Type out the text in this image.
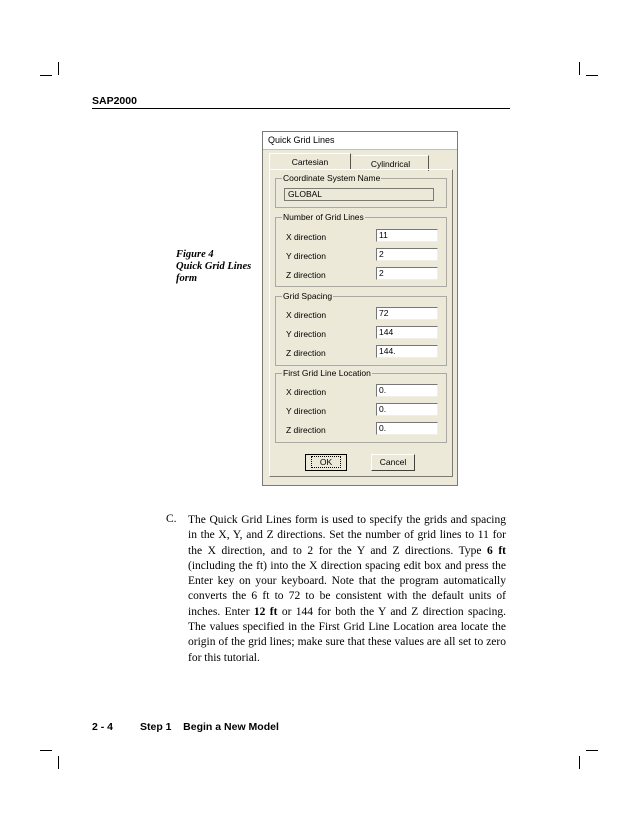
SAP2000
Figure 4
Quick Grid Lines
form
Quick Grid Lines
Cartesian	Cylindrical
Coordinate System Name
GLOBAL
Number of Grid Lines
X direction	11
Y direction	2
Z direction	2
Grid Spacing
X direction	72
Y direction	144
Z direction	144.
First Grid Line Location
X direction	0.
Y direction	0.
Z direction	0.
OK	Cancel
C. The Quick Grid Lines form is used to specify the grids and spacing in the X, Y, and Z directions. Set the number of grid lines to 11 for the X direction, and to 2 for the Y and Z directions. Type 6 ft (including the ft) into the X direction spacing edit box and press the Enter key on your keyboard. Note that the program automatically converts the 6 ft to 72 to be consistent with the default units of inches. Enter 12 ft or 144 for both the Y and Z direction spacing. The values specified in the First Grid Line Location area locate the origin of the grid lines; make sure that these values are all set to zero for this tutorial.
2 - 4	Step 1    Begin a New Model
